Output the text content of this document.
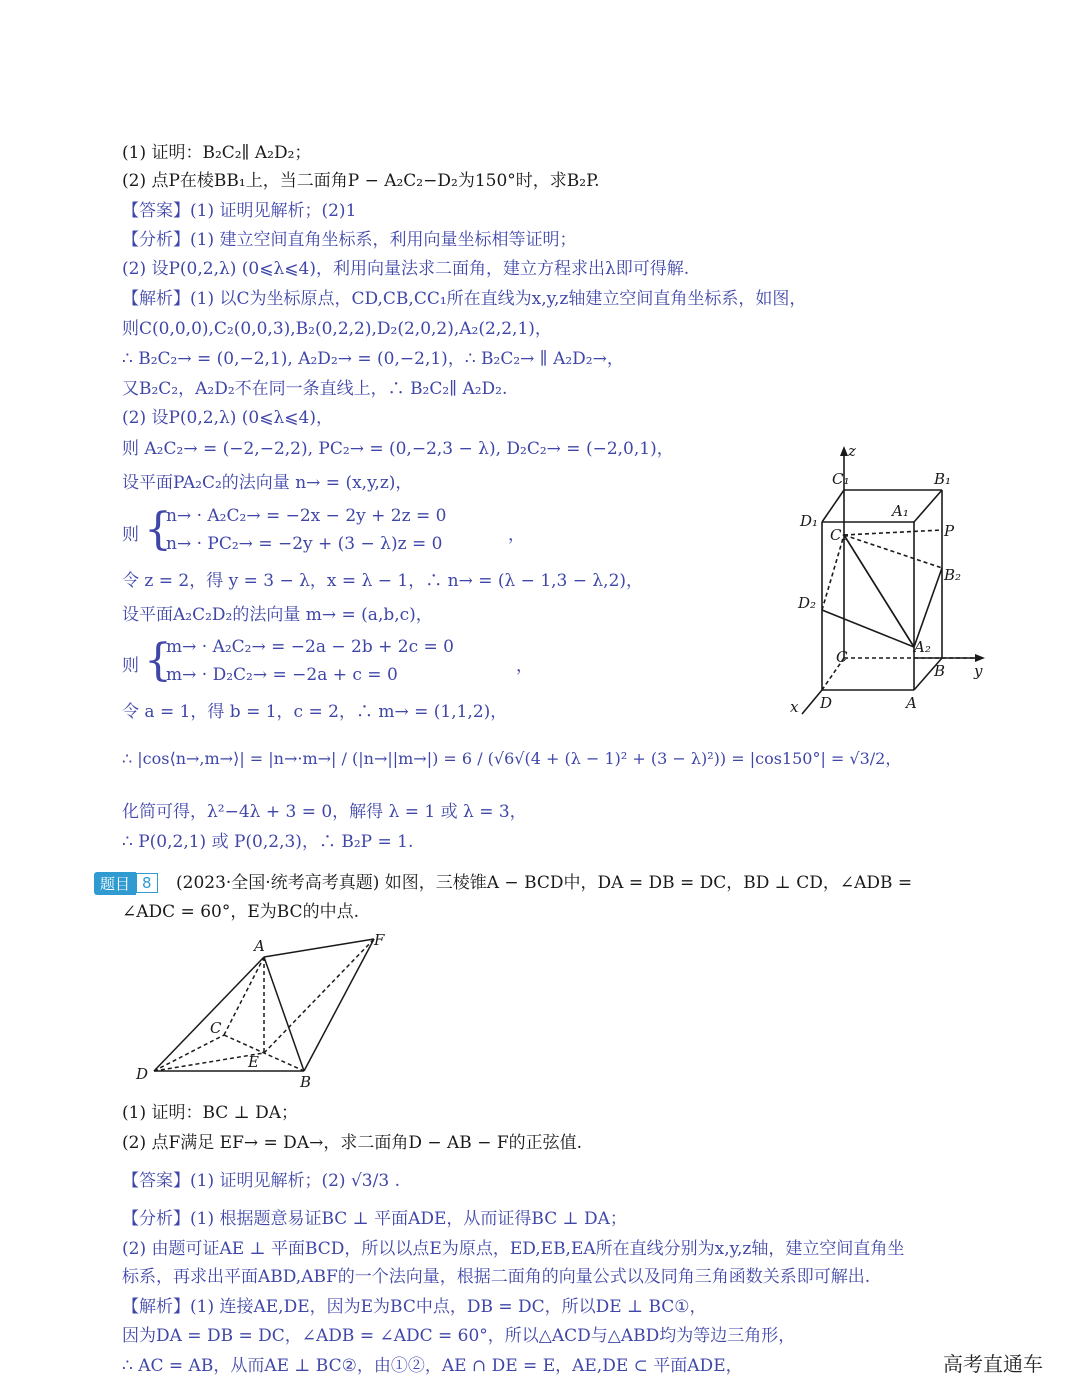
(1) 证明：B₂C₂∥ A₂D₂；
(2) 点P在棱BB₁上，当二面角P − A₂C₂−D₂为150°时，求B₂P.
【答案】(1) 证明见解析；(2)1
【分析】(1) 建立空间直角坐标系，利用向量坐标相等证明；
(2) 设P(0,2,λ) (0⩽λ⩽4)，利用向量法求二面角，建立方程求出λ即可得解.
【解析】(1) 以C为坐标原点，CD,CB,CC₁所在直线为x,y,z轴建立空间直角坐标系，如图，
则C(0,0,0),C₂(0,0,3),B₂(0,2,2),D₂(2,0,2),A₂(2,2,1)，
∴ B₂C₂→ = (0,−2,1), A₂D₂→ = (0,−2,1)，∴ B₂C₂→ ∥ A₂D₂→，
又B₂C₂，A₂D₂不在同一条直线上，∴ B₂C₂∥ A₂D₂.
(2) 设P(0,2,λ) (0⩽λ⩽4)，
则 A₂C₂→ = (−2,−2,2), PC₂→ = (0,−2,3 − λ), D₂C₂→ = (−2,0,1)，
设平面PA₂C₂的法向量 n→ = (x,y,z)，
则 {
n→ · A₂C₂→ = −2x − 2y + 2z = 0
n→ · PC₂→ = −2y + (3 − λ)z = 0	，
令 z = 2，得 y = 3 − λ，x = λ − 1，∴ n→ = (λ − 1,3 − λ,2)，
设平面A₂C₂D₂的法向量 m→ = (a,b,c)，
则 {
m→ · A₂C₂→ = −2a − 2b + 2c = 0
m→ · D₂C₂→ = −2a + c = 0	，
令 a = 1，得 b = 1，c = 2，∴ m→ = (1,1,2)，
∴ |cos⟨n→,m→⟩| = |n→·m→| / (|n→||m→|) = 6 / (√6√(4 + (λ − 1)² + (3 − λ)²)) = |cos150°| = √3/2，
化简可得，λ²−4λ + 3 = 0，解得 λ = 1 或 λ = 3，
∴ P(0,2,1) 或 P(0,2,3)，∴ B₂P = 1.
z
C₁	B₁
A₁
D₁
C₂	P
B₂
D₂
A₂
C
B y
x D	A
题目 8	(2023·全国·统考高考真题) 如图，三棱锥A − BCD中，DA = DB = DC，BD ⊥ CD，∠ADB =
∠ADC = 60°，E为BC的中点.
A	F
C
E
D	B
(1) 证明：BC ⊥ DA；
(2) 点F满足 EF→ = DA→，求二面角D − AB − F的正弦值.
【答案】(1) 证明见解析；(2) √3/3 .
【分析】(1) 根据题意易证BC ⊥ 平面ADE，从而证得BC ⊥ DA；
(2) 由题可证AE ⊥ 平面BCD，所以以点E为原点，ED,EB,EA所在直线分别为x,y,z轴，建立空间直角坐
标系，再求出平面ABD,ABF的一个法向量，根据二面角的向量公式以及同角三角函数关系即可解出.
【解析】(1) 连接AE,DE，因为E为BC中点，DB = DC，所以DE ⊥ BC①，
因为DA = DB = DC，∠ADB = ∠ADC = 60°，所以△ACD与△ABD均为等边三角形，
∴ AC = AB，从而AE ⊥ BC②，由①②，AE ∩ DE = E，AE,DE ⊂ 平面ADE，	高考直通车
